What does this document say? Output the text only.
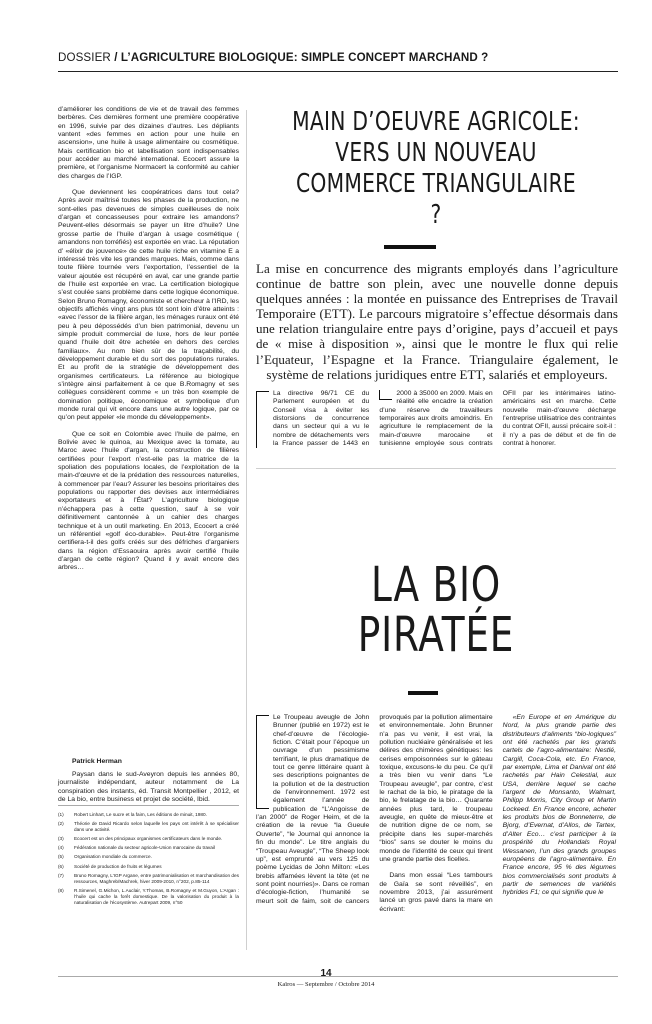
DOSSIER / L’AGRICULTURE BIOLOGIQUE: SIMPLE CONCEPT MARCHAND ?

d’améliorer les conditions de vie et de travail des femmes berbères. Ces dernières forment une première coopérative en 1996, suivie par des dizaines d’autres. Les dépliants vantent «des femmes en action pour une huile en ascension», une huile à usage alimentaire ou cosmétique. Mais certification bio et labellisation sont indispensables pour accéder au marché international. Ecocert assure la première, et l’organisme Normacert la conformité au cahier des charges de l’IGP.

Que deviennent les coopératrices dans tout cela? Après avoir maîtrisé toutes les phases de la production, ne sont-elles pas devenues de simples cueilleuses de noix d’argan et concasseuses pour extraire les amandons? Peuvent-elles désormais se payer un litre d’huile? Une grosse partie de l’huile d’argan à usage cosmétique ( amandons non torréfiés) est exportée en vrac. La réputation d’ «élixir de jouvence» de cette huile riche en vitamine E a intéressé très vite les grandes marques. Mais, comme dans toute filière tournée vers l’exportation, l’essentiel de la valeur ajoutée est récupéré en aval, car une grande partie de l’huile est exportée en vrac. La certification biologique s’est coulée sans problème dans cette logique économique. Selon Bruno Romagny, économiste et chercheur à l’IRD, les objectifs affichés vingt ans plus tôt sont loin d’être atteints : «avec l’essor de la filière argan, les ménages ruraux ont été peu à peu dépossédés d’un bien patrimonial, devenu un simple produit commercial de luxe, hors de leur portée quand l’huile doit être achetée en dehors des cercles familiaux». Au nom bien sûr de la traçabilité, du développement durable et du sort des populations rurales. Et au profit de la stratégie de développement des organismes certificateurs. La référence au biologique s’intègre ainsi parfaitement à ce que B.Romagny et ses collègues considèrent comme « un très bon exemple de domination politique, économique et symbolique d’un monde rural qui vit encore dans une autre logique, par ce qu’on peut appeler «le monde du développement».

Que ce soit en Colombie avec l’huile de palme, en Bolivie avec le quinoa, au Mexique avec la tomate, au Maroc avec l’huile d’argan, la construction de filières certifiées pour l’export n’est-elle pas la matrice de la spoliation des populations locales, de l’exploitation de la main-d’œuvre et de la prédation des ressources naturelles, à commencer par l’eau? Assurer les besoins prioritaires des populations ou rapporter des devises aux intermédiaires exportateurs et à l’État? L’agriculture biologique n’échappera pas à cette question, sauf à se voir définitivement cantonnée à un cahier des charges technique et à un outil marketing. En 2013, Ecocert a créé un référentiel «golf éco-durable». Peut-être l’organisme certifiera-t-il des golfs créés sur des défriches d’arganiers dans la région d’Essaouira après avoir certifié l’huile d’argan de cette région? Quand il y avait encore des arbres…

Patrick Herman

Paysan dans le sud-Aveyron depuis les années 80, journaliste indépendant, auteur notamment de La conspiration des instants, éd. Transit Montpellier , 2012, et de La bio, entre business et projet de société, Ibid.

(1)	Robert Linhart, Le sucre et la faim, Les éditions de minuit, 1980.
(2)	Théorie de David Ricardo selon laquelle les pays ont intérêt à se spécialiser dans une activité.
(3)	Ecocert est un des principaux organismes certificateurs dans le monde.
(4)	Fédération nationale du secteur agricole-Union marocaine du travail
(5)	Organisation mondiale du commerce.
(6)	Société de production de fruits et légumes
(7)	Bruno Romagny, L’IGP Argane, entre patrimonialisation et marchandisation des ressources, Maghreb/Machrek, hiver 2009-2010, n°202, p.85-114
(8)	R.Simenel, G.Michon, L.Auclair, Y.Thomas, B.Romagny et M.Guyon, L’Argan : l’huile qui cache la forêt domestique. De la valorisation du produit à la naturalisation de l’écosystème. Autrepart 2009, n°50
MAIN D’OEUVRE AGRICOLE: VERS UN NOUVEAU COMMERCE TRIANGULAIRE ?
La mise en concurrence des migrants employés dans l’agriculture continue de battre son plein, avec une nouvelle donne depuis quelques années : la montée en puissance des Entreprises de Travail Temporaire (ETT). Le parcours migratoire s’effectue désormais dans une relation triangulaire entre pays d’origine, pays d’accueil et pays de « mise à disposition », ainsi que le montre le flux qui relie l’Equateur, l’Espagne et la France. Triangulaire également, le système de relations juridiques entre ETT, salariés et employeurs.
La directive 96/71 CE du Parlement européen et du Conseil visa à éviter les distorsions de concurrence dans un secteur qui a vu le nombre de détachements vers la France passer de 1443 en 2000 à 35000 en 2009. Mais en réalité elle encadre la création d’une réserve de travailleurs temporaires aux droits amoindris. En agriculture le remplacement de la main-d’œuvre marocaine et tunisienne employée sous contrats OFII par les intérimaires latino-américains est en marche. Cette nouvelle main-d’œuvre décharge l’entreprise utilisatrice des contraintes du contrat OFII, aussi précaire soit-il : il n’y a pas de début et de fin de contrat à honorer.
LA BIO
PIRATÉE
Le Troupeau aveugle de John Brunner (publié en 1972) est le chef-d’œuvre de l’écologie-fiction. C’était pour l’époque un ouvrage d’un pessimisme terrifiant, le plus dramatique de tout ce genre littéraire quant à ses descriptions poignantes de la pollution et de la destruction de l’environnement. 1972 est également l’année de publication de “L’Angoisse de l’an 2000” de Roger Heim, et de la création de la revue “la Gueule Ouverte”, “le Journal qui annonce la fin du monde”. Le titre anglais du “Troupeau Aveugle”, “The Sheep look up”, est emprunté au vers 125 du poème Lycidas de John Milton: «Les brebis affamées lèvent la tête (et ne sont point nourries)». Dans ce roman d’écologie-fiction, l’humanité se meurt soit de faim, soit de cancers provoqués par la pollution alimentaire et environnementale. John Brunner n’a pas vu venir, il est vrai, la pollution nucléaire généralisée et les délires des chimères génétiques: les cerises empoisonnées sur le gâteau toxique, excusons-le du peu. Ce qu’il a très bien vu venir dans “Le Troupeau aveugle”, par contre, c’est le rachat de la bio, le piratage de la bio, le frelatage de la bio… Quarante années plus tard, le troupeau aveugle, en quête de mieux-être et de nutrition digne de ce nom, se précipite dans les super-marchés “bios” sans se douter le moins du monde de l’identité de ceux qui tirent une grande partie des ficelles.

Dans mon essai “Les tambours de Gaïa se sont réveillés”, en novembre 2013, j’ai assurément lancé un gros pavé dans la mare en écrivant:

«En Europe et en Amérique du Nord, la plus grande partie des distributeurs d’aliments “bio-logiques” ont été rachetés par les grands cartels de l’agro-alimentaire: Nestlé, Cargill, Coca-Cola, etc. En France, par exemple, Lima et Danival ont été rachetés par Hain Celestial, aux USA, derrière lequel se cache l’argent de Monsanto, Walmart, Philipp Morris, City Group et Martin Lockeed. En France encore, acheter les produits bios de Bonneterre, de Bjorg, d’Evernat, d’Allos, de Tartex, d’Alter Eco… c’est participer à la prospérité du Hollandals Royal Wessanen, l’un des grands groupes européens de l’agro-alimentaire. En France encore, 95 % des légumes bios commercialisés sont produits à partir de semences de variétés hybrides F1; ce qui signifie que le

14
Kaïros — Septembre / Octobre 2014
